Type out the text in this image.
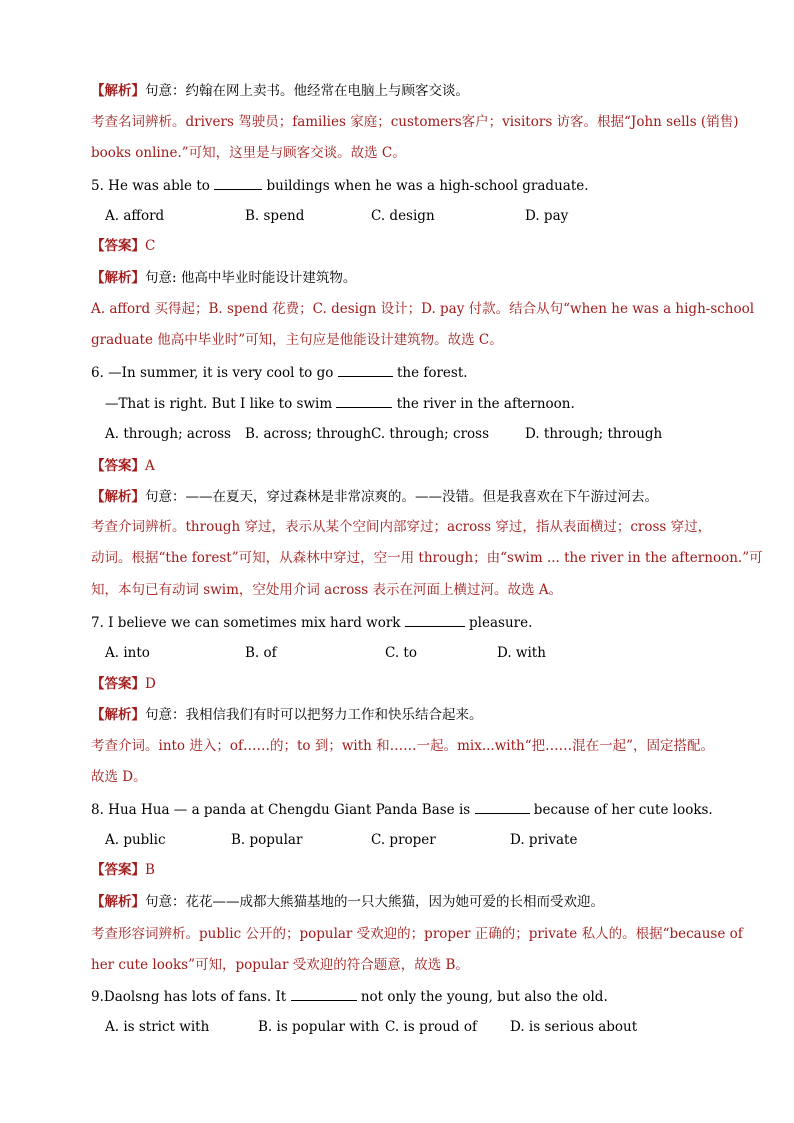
【解析】句意：约翰在网上卖书。他经常在电脑上与顾客交谈。
考查名词辨析。drivers 驾驶员；families 家庭；customers客户；visitors 访客。根据“John sells (销售)
books online.”可知，这里是与顾客交谈。故选 C。
5. He was able to	buildings when he was a high-school graduate.
A. afford	B. spend	C. design	D. pay
【答案】C
【解析】句意: 他高中毕业时能设计建筑物。
A. afford 买得起；B. spend 花费；C. design 设计；D. pay 付款。结合从句“when he was a high-school
graduate 他高中毕业时”可知，主句应是他能设计建筑物。故选 C。
6. —In summer, it is very cool to go	the forest.
—That is right. But I like to swim	the river in the afternoon.
A. through; across B. across; through C. through; cross	D. through; through
【答案】A
【解析】句意：——在夏天，穿过森林是非常凉爽的。——没错。但是我喜欢在下午游过河去。
考查介词辨析。through 穿过，表示从某个空间内部穿过；across 穿过，指从表面横过；cross 穿过，
动词。根据“the forest”可知，从森林中穿过，空一用 through；由“swim ... the river in the afternoon.”可
知，本句已有动词 swim，空处用介词 across 表示在河面上横过河。故选 A。
7. I believe we can sometimes mix hard work	pleasure.
A. into	B. of	C. to	D. with
【答案】D
【解析】句意：我相信我们有时可以把努力工作和快乐结合起来。
考查介词。into 进入；of……的；to 到；with 和……一起。mix...with“把……混在一起”，固定搭配。
故选 D。
8. Hua Hua — a panda at Chengdu Giant Panda Base is	because of her cute looks.
A. public	B. popular	C. proper	D. private
【答案】B
【解析】句意：花花——成都大熊猫基地的一只大熊猫，因为她可爱的长相而受欢迎。
考查形容词辨析。public 公开的；popular 受欢迎的；proper 正确的；private 私人的。根据“because of
her cute looks”可知，popular 受欢迎的符合题意，故选 B。
9.Daolsng has lots of fans. It	not only the young, but also the old.
A. is strict with	B. is popular with C. is proud of D. is serious about
